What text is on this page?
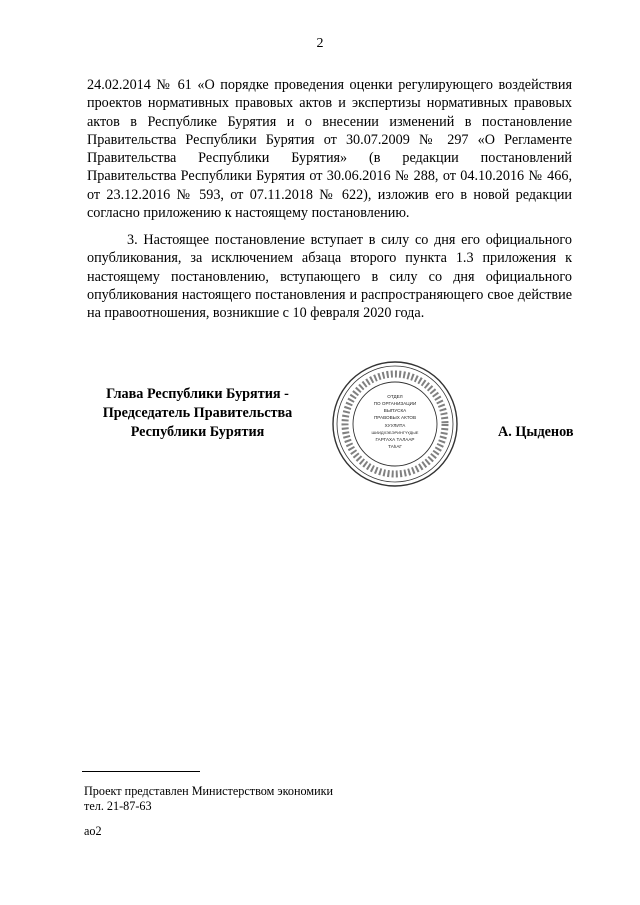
2

24.02.2014 № 61 «О порядке проведения оценки регулирующего воздействия проектов нормативных правовых актов и экспертизы нормативных правовых актов в Республике Бурятия и о внесении изменений в постановление Правительства Республики Бурятия от 30.07.2009 № 297 «О Регламенте Правительства Республики Бурятия» (в редакции постановлений Правительства Республики Бурятия от 30.06.2016 № 288, от 04.10.2016 № 466, от 23.12.2016 № 593, от 07.11.2018 № 622), изложив его в новой редакции согласно приложению к настоящему постановлению.

3. Настоящее постановление вступает в силу со дня его официального опубликования, за исключением абзаца второго пункта 1.3 приложения к настоящему постановлению, вступающего в силу со дня официального опубликования настоящего постановления и распространяющего свое действие на правоотношения, возникшие с 10 февраля 2020 года.

Глава Республики Бурятия -
Председатель Правительства
Республики Бурятия
ОТДЕЛ
ПО ОРГАНИЗАЦИИ
ВЫПУСКА
ПРАВОВЫХ АКТОВ
ХУУЛИТА
ШИИДХЭБЭРИНГҮҮДЫЕ
ГАРГАХА ТАЛААР
ТАһАГ
А. Цыденов
Проект представлен Министерством экономики
тел. 21-87-63
ао2
